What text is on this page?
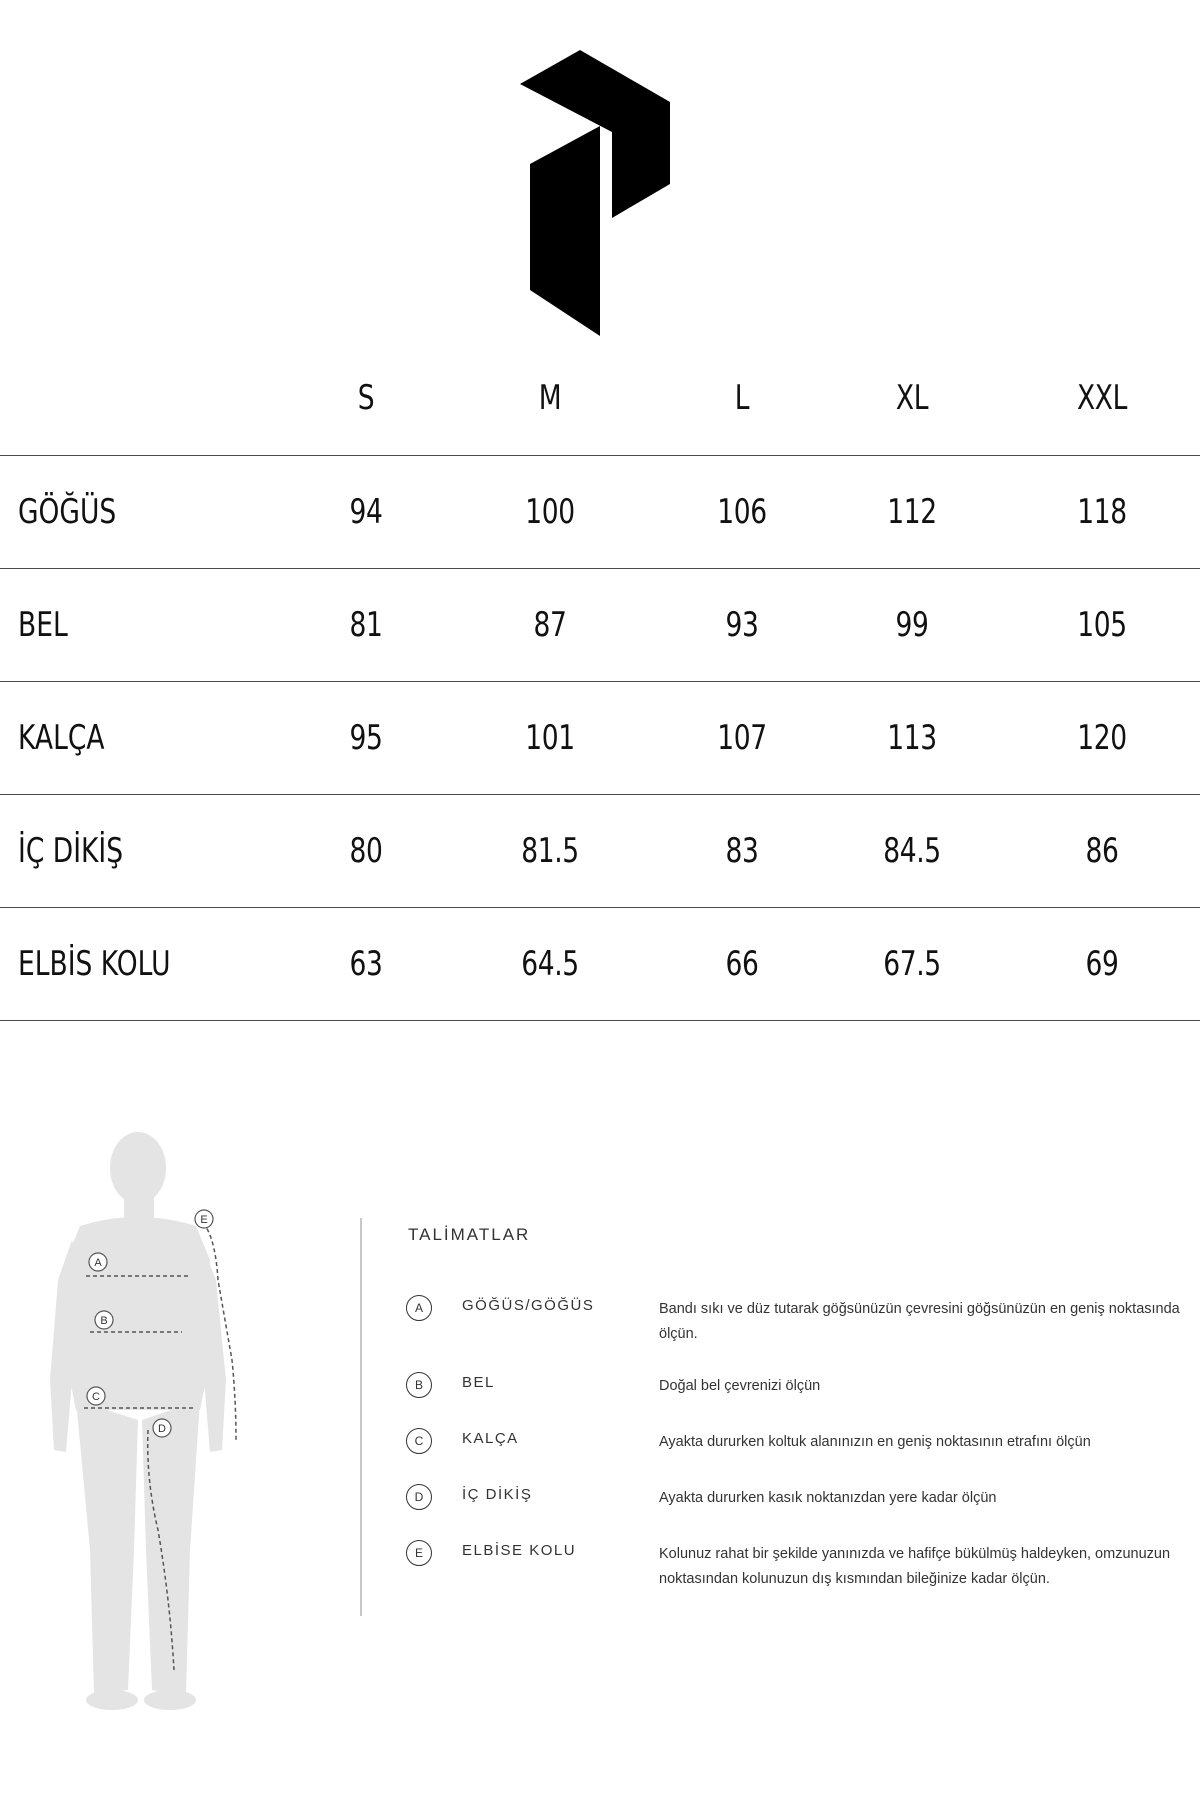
S	M	L	XL	XXL
GÖĞÜS	94	100	106	112	118
BEL	81	87	93	99	105
KALÇA	95	101	107	113	120
İÇ DİKİŞ	80	81.5	83	84.5	86
ELBİS KOLU	63	64.5	66	67.5	69
A
B
C
D
E
TALİMATLAR
A	GÖĞÜS/GÖĞÜS	Bandı sıkı ve düz tutarak göğsünüzün çevresini göğsünüzün en geniş noktasında ölçün.
B	BEL	Doğal bel çevrenizi ölçün
C	KALÇA	Ayakta dururken koltuk alanınızın en geniş noktasının etrafını ölçün
D	İÇ DİKİŞ	Ayakta dururken kasık noktanızdan yere kadar ölçün
E	ELBİSE KOLU	Kolunuz rahat bir şekilde yanınızda ve hafifçe bükülmüş haldeyken, omzunuzun noktasından kolunuzun dış kısmından bileğinize kadar ölçün.
